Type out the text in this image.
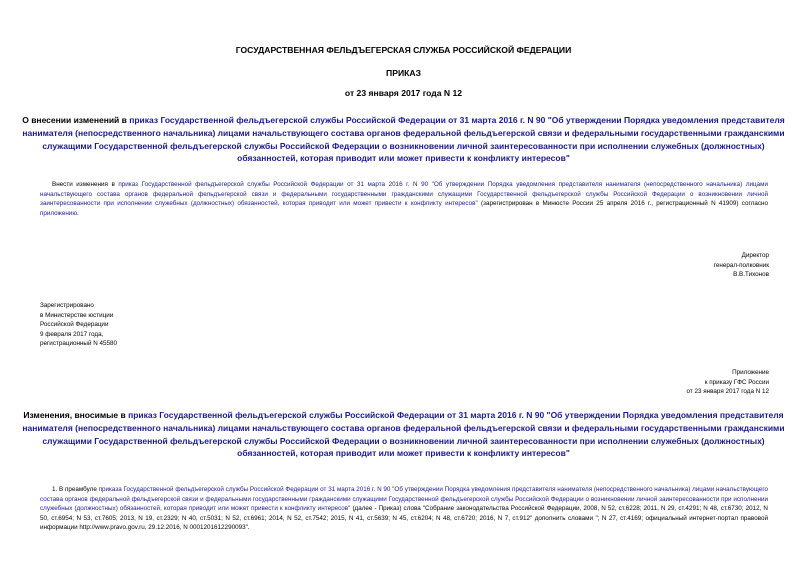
ГОСУДАРСТВЕННАЯ ФЕЛЬДЪЕГЕРСКАЯ СЛУЖБА РОССИЙСКОЙ ФЕДЕРАЦИИ
ПРИКАЗ
от 23 января 2017 года N 12
О внесении изменений в приказ Государственной фельдъегерской службы Российской Федерации от 31 марта 2016 г. N 90 "Об утверждении Порядка уведомления представителя нанимателя (непосредственного начальника) лицами начальствующего состава органов федеральной фельдъегерской связи и федеральными государственными гражданскими служащими Государственной фельдъегерской службы Российской Федерации о возникновении личной заинтересованности при исполнении служебных (должностных) обязанностей, которая приводит или может привести к конфликту интересов"
Внести изменения в приказ Государственной фельдъегерской службы Российской Федерации от 31 марта 2016 г. N 90 "Об утверждении Порядка уведомления представителя нанимателя (непосредственного начальника) лицами начальствующего состава органов федеральной фельдъегерской связи и федеральными государственными гражданскими служащими Государственной фельдъегерской службы Российской Федерации о возникновении личной заинтересованности при исполнении служебных (должностных) обязанностей, которая приводит или может привести к конфликту интересов" (зарегистрирован в Минюсте России 25 апреля 2016 г., регистрационный N 41909) согласно приложению.
Директор
генерал-полковник
В.В.Тихонов
Зарегистрировано
в Министерстве юстиции
Российской Федерации
9 февраля 2017 года,
регистрационный N 45580
Приложение
к приказу ГФС России
от 23 января 2017 года N 12
Изменения, вносимые в приказ Государственной фельдъегерской службы Российской Федерации от 31 марта 2016 г. N 90 "Об утверждении Порядка уведомления представителя нанимателя (непосредственного начальника) лицами начальствующего состава органов федеральной фельдъегерской связи и федеральными государственными гражданскими служащими Государственной фельдъегерской службы Российской Федерации о возникновении личной заинтересованности при исполнении служебных (должностных) обязанностей, которая приводит или может привести к конфликту интересов"
1. В преамбуле приказа Государственной фельдъегерской службы Российской Федерации от 31 марта 2016 г. N 90 "Об утверждении Порядка уведомления представителя нанимателя (непосредственного начальника) лицами начальствующего состава органов федеральной фельдъегерской связи и федеральными государственными гражданскими служащими Государственной фельдъегерской службы Российской Федерации о возникновении личной заинтересованности при исполнении служебных (должностных) обязанностей, которая приводит или может привести к конфликту интересов" (далее - Приказ) слова "Собрание законодательства Российской Федерации, 2008, N 52, ст.6228; 2011, N 29, ст.4291; N 48, ст.6730; 2012, N 50, ст.6954; N 53, ст.7605; 2013, N 19, ст.2329; N 40, ст.5031; N 52, ст.6961; 2014, N 52, ст.7542; 2015, N 41, ст.5639; N 45, ст.6204; N 48, ст.6720; 2016, N 7, ст.912" дополнить словами "; N 27, ст.4169; официальный интернет-портал правовой информации http://www.pravo.gov.ru, 29.12.2016, N 0001201612290093".
